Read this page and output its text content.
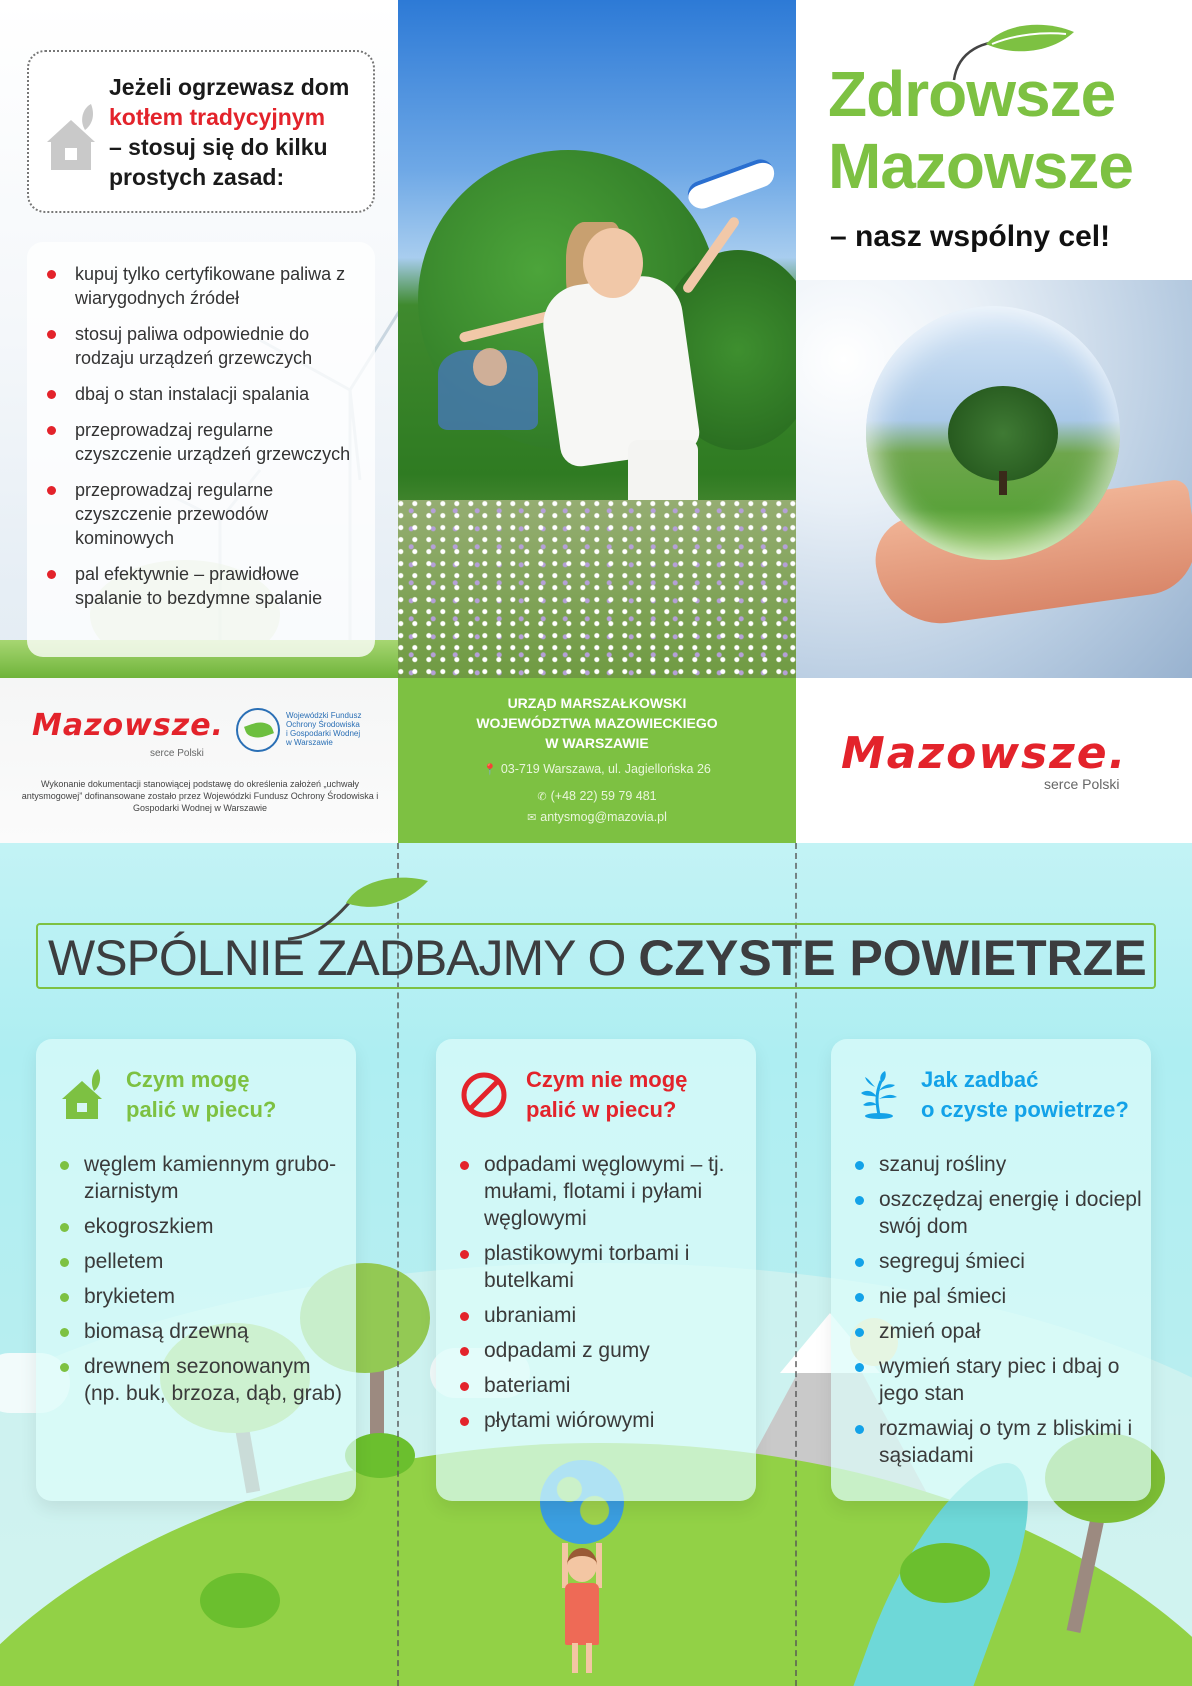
Jeżeli ogrzewasz dom
kotłem tradycyjnym
– stosuj się do kilku
prostych zasad:
kupuj tylko certyfikowane paliwa z wiarygodnych źródeł
stosuj paliwa odpowiednie do rodzaju urządzeń grzewczych
dbaj o stan instalacji spalania
przeprowadzaj regularne czyszczenie urządzeń grzewczych
przeprowadzaj regularne czyszczenie przewodów kominowych
pal efektywnie – prawidłowe spalanie to bezdymne spalanie
Mazowsze.
serce Polski
Wojewódzki Fundusz
Ochrony Środowiska
i Gospodarki Wodnej
w Warszawie
Wykonanie dokumentacji stanowiącej podstawę do określenia założeń „uchwały antysmogowej” dofinansowane zostało przez Wojewódzki Fundusz Ochrony Środowiska i Gospodarki Wodnej w Warszawie
URZĄD MARSZAŁKOWSKI
WOJEWÓDZTWA MAZOWIECKIEGO
W WARSZAWIE
📍 03-719 Warszawa, ul. Jagiellońska 26
✆ (+48 22) 59 79 481
✉ antysmog@mazovia.pl
Zdrowsze
Mazowsze
– nasz wspólny cel!
Mazowsze.
serce Polski
WSPÓLNIE ZADBAJMY O CZYSTE POWIETRZE
Czym mogę
palić w piecu?
węglem kamiennym gruboziarnistym
ekogroszkiem
pelletem
brykietem
biomasą drzewną
drewnem sezonowanym (np. buk, brzoza, dąb, grab)
Czym nie mogę
palić w piecu?
odpadami węglowymi – tj. mułami, flotami i pyłami węglowymi
plastikowymi torbami i butelkami
ubraniami
odpadami z gumy
bateriami
płytami wiórowymi
Jak zadbać
o czyste powietrze?
szanuj rośliny
oszczędzaj energię i dociepl swój dom
segreguj śmieci
nie pal śmieci
zmień opał
wymień stary piec i dbaj o jego stan
rozmawiaj o tym z bliskimi i sąsiadami
